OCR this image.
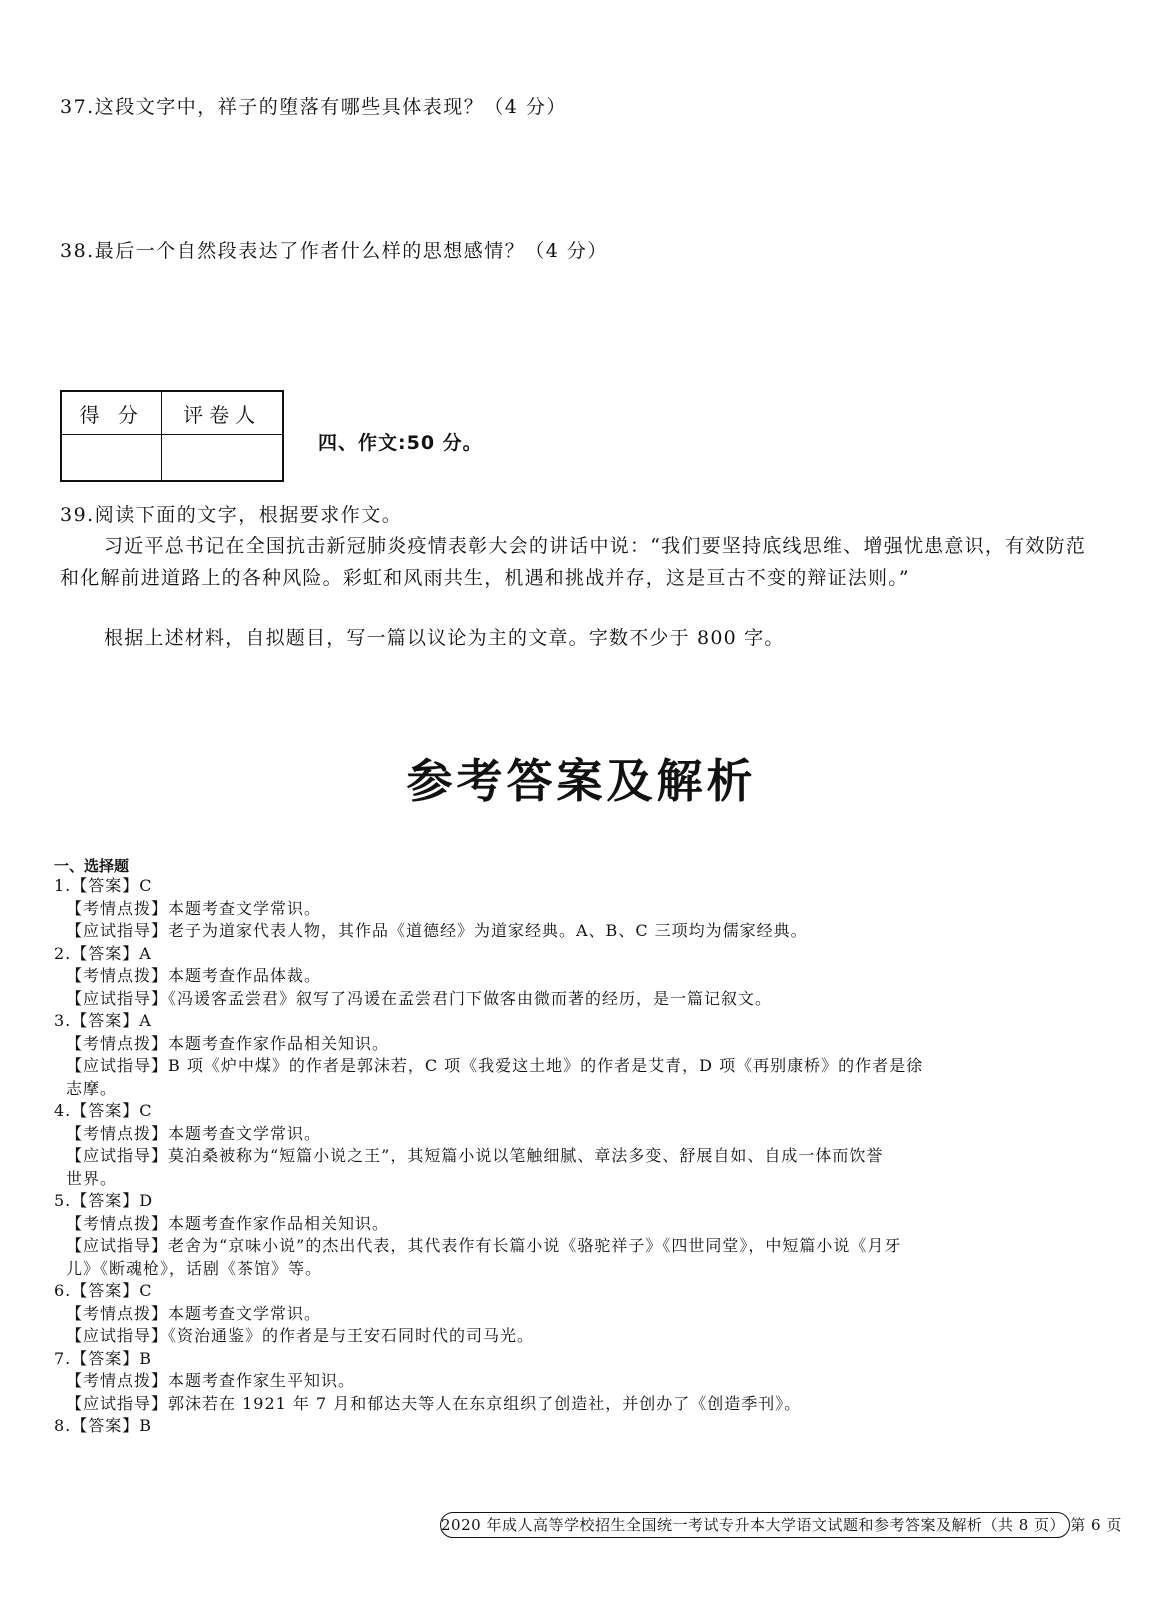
37.这段文字中，祥子的堕落有哪些具体表现？（4 分）
38.最后一个自然段表达了作者什么样的思想感情？（4 分）
得 分	评卷人

四、作文:50 分。
39.阅读下面的文字，根据要求作文。
习近平总书记在全国抗击新冠肺炎疫情表彰大会的讲话中说：“我们要坚持底线思维、增强忧患意识，有效防范和化解前进道路上的各种风险。彩虹和风雨共生，机遇和挑战并存，这是亘古不变的辩证法则。”
根据上述材料，自拟题目，写一篇以议论为主的文章。字数不少于 800 字。
参考答案及解析
一、选择题
1.【答案】C
【考情点拨】本题考查文学常识。
【应试指导】老子为道家代表人物，其作品《道德经》为道家经典。A、B、C 三项均为儒家经典。
2.【答案】A
【考情点拨】本题考查作品体裁。
【应试指导】《冯谖客孟尝君》叙写了冯谖在孟尝君门下做客由微而著的经历，是一篇记叙文。
3.【答案】A
【考情点拨】本题考查作家作品相关知识。
【应试指导】B 项《炉中煤》的作者是郭沫若，C 项《我爱这土地》的作者是艾青，D 项《再别康桥》的作者是徐
志摩。
4.【答案】C
【考情点拨】本题考查文学常识。
【应试指导】莫泊桑被称为“短篇小说之王”，其短篇小说以笔触细腻、章法多变、舒展自如、自成一体而饮誉
世界。
5.【答案】D
【考情点拨】本题考查作家作品相关知识。
【应试指导】老舍为“京味小说”的杰出代表，其代表作有长篇小说《骆驼祥子》《四世同堂》，中短篇小说《月牙
儿》《断魂枪》，话剧《茶馆》等。
6.【答案】C
【考情点拨】本题考查文学常识。
【应试指导】《资治通鉴》的作者是与王安石同时代的司马光。
7.【答案】B
【考情点拨】本题考查作家生平知识。
【应试指导】郭沫若在 1921 年 7 月和郁达夫等人在东京组织了创造社，并创办了《创造季刊》。
8.【答案】B
2020 年成人高等学校招生全国统一考试专升本大学语文试题和参考答案及解析（共 8 页） 第 6 页
